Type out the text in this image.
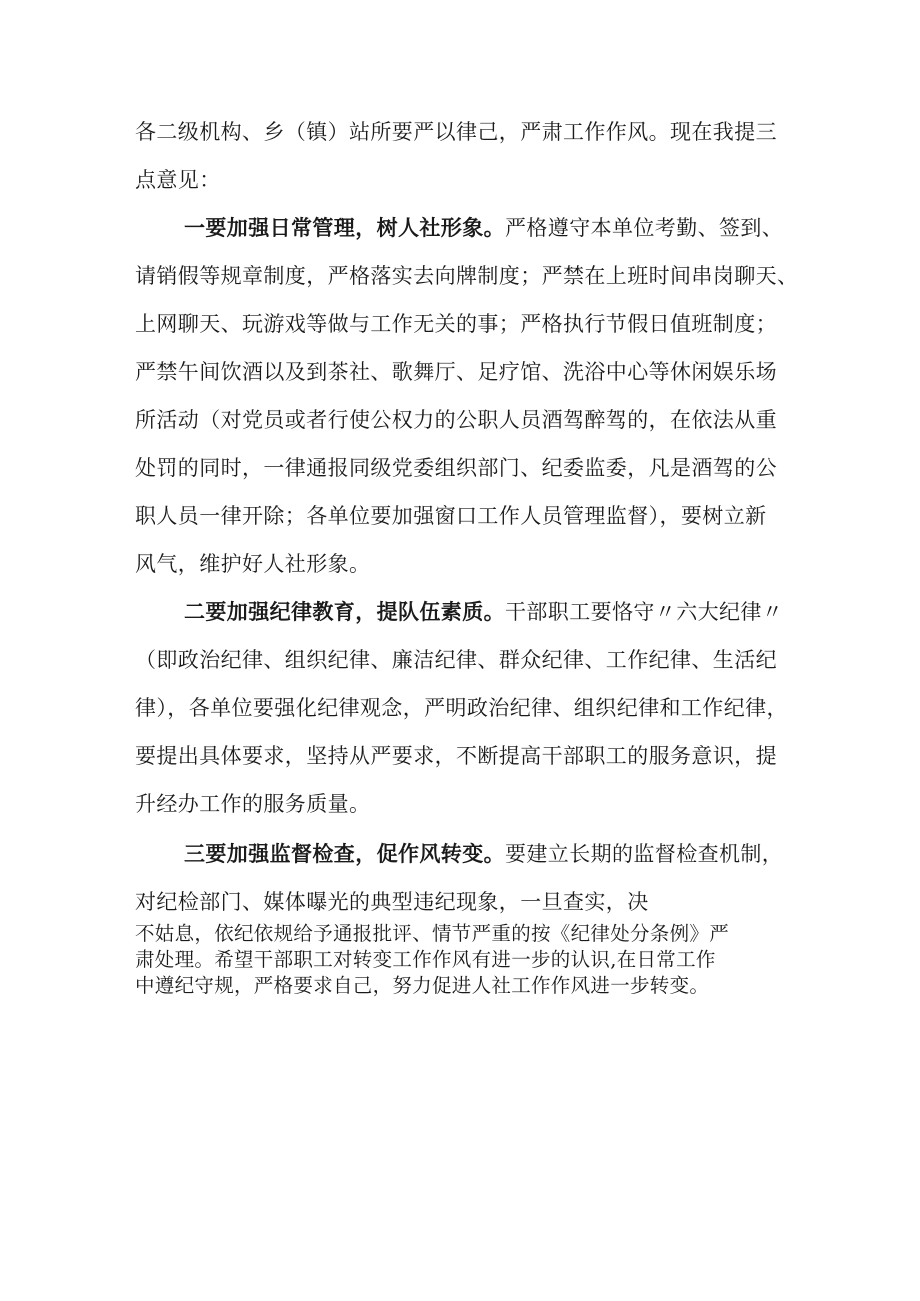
各二级机构、乡（镇）站所要严以律己，严肃工作作风。现在我提三

点意见：

一要加强日常管理，树人社形象。严格遵守本单位考勤、签到、

请销假等规章制度，严格落实去向牌制度；严禁在上班时间串岗聊天、

上网聊天、玩游戏等做与工作无关的事；严格执行节假日值班制度；

严禁午间饮酒以及到茶社、歌舞厅、足疗馆、洗浴中心等休闲娱乐场

所活动（对党员或者行使公权力的公职人员酒驾醉驾的，在依法从重

处罚的同时，一律通报同级党委组织部门、纪委监委，凡是酒驾的公

职人员一律开除；各单位要加强窗口工作人员管理监督），要树立新

风气，维护好人社形象。

二要加强纪律教育，提队伍素质。干部职工要恪守〃六大纪律〃

（即政治纪律、组织纪律、廉洁纪律、群众纪律、工作纪律、生活纪

律），各单位要强化纪律观念，严明政治纪律、组织纪律和工作纪律，

要提出具体要求，坚持从严要求，不断提高干部职工的服务意识，提

升经办工作的服务质量。

三要加强监督检查，促作风转变。要建立长期的监督检查机制，

对纪检部门、媒体曝光的典型违纪现象，一旦查实，决

不姑息，依纪依规给予通报批评、情节严重的按《纪律处分条例》严

肃处理。希望干部职工对转变工作作风有进一步的认识,在日常工作

中遵纪守规，严格要求自己，努力促进人社工作作风进一步转变。
